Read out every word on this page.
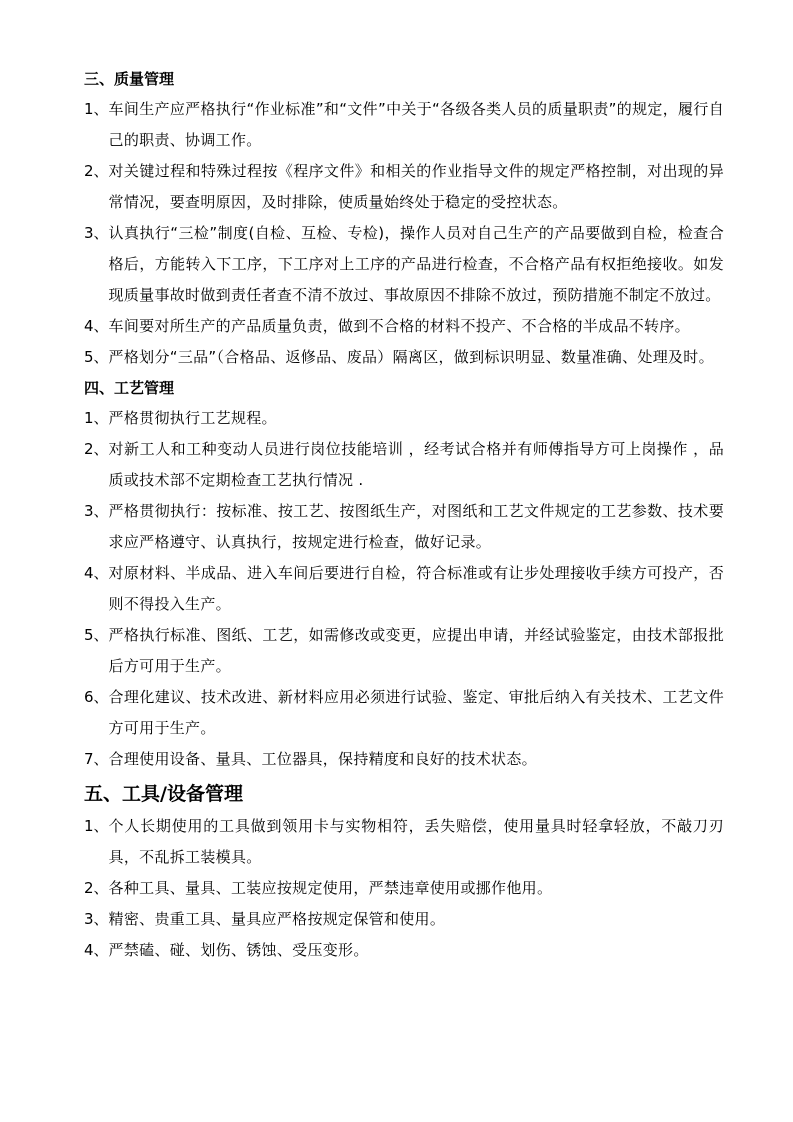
三、质量管理

1、 车间生产应严格执行“作业标准”和“文件”中关于“各级各类人员的质量职责”的规定，履行自己的职责、协调工作。
2、 对关键过程和特殊过程按《程序文件》和相关的作业指导文件的规定严格控制，对出现的异常情况，要查明原因，及时排除，使质量始终处于稳定的受控状态。
3、 认真执行“三检”制度(自检、互检、专检)，操作人员对自己生产的产品要做到自检，检查合格后，方能转入下工序，下工序对上工序的产品进行检查，不合格产品有权拒绝接收。如发现质量事故时做到责任者查不清不放过、事故原因不排除不放过，预防措施不制定不放过。
4、 车间要对所生产的产品质量负责，做到不合格的材料不投产、不合格的半成品不转序。
5、 严格划分“三品”（合格品、返修品、废品）隔离区，做到标识明显、数量准确、处理及时。

四、工艺管理

1、 严格贯彻执行工艺规程。
2、 对新工人和工种变动人员进行岗位技能培训 ，经考试合格并有师傅指导方可上岗操作 ，品质或技术部不定期检查工艺执行情况 .
3、 严格贯彻执行：按标准、按工艺、按图纸生产，对图纸和工艺文件规定的工艺参数、技术要求应严格遵守、认真执行，按规定进行检查，做好记录。
4、 对原材料、半成品、进入车间后要进行自检，符合标准或有让步处理接收手续方可投产，否则不得投入生产。
5、 严格执行标准、图纸、工艺，如需修改或变更，应提出申请，并经试验鉴定，由技术部报批后方可用于生产。
6、 合理化建议、技术改进、新材料应用必须进行试验、鉴定、审批后纳入有关技术、工艺文件方可用于生产。
7、 合理使用设备、量具、工位器具，保持精度和良好的技术状态。

五、工具/设备管理

1、 个人长期使用的工具做到领用卡与实物相符，丢失赔偿，使用量具时轻拿轻放，不敲刀刃具，不乱拆工装模具。
2、 各种工具、量具、工装应按规定使用，严禁违章使用或挪作他用。
3、 精密、贵重工具、量具应严格按规定保管和使用。
4、 严禁磕、碰、划伤、锈蚀、受压变形。
